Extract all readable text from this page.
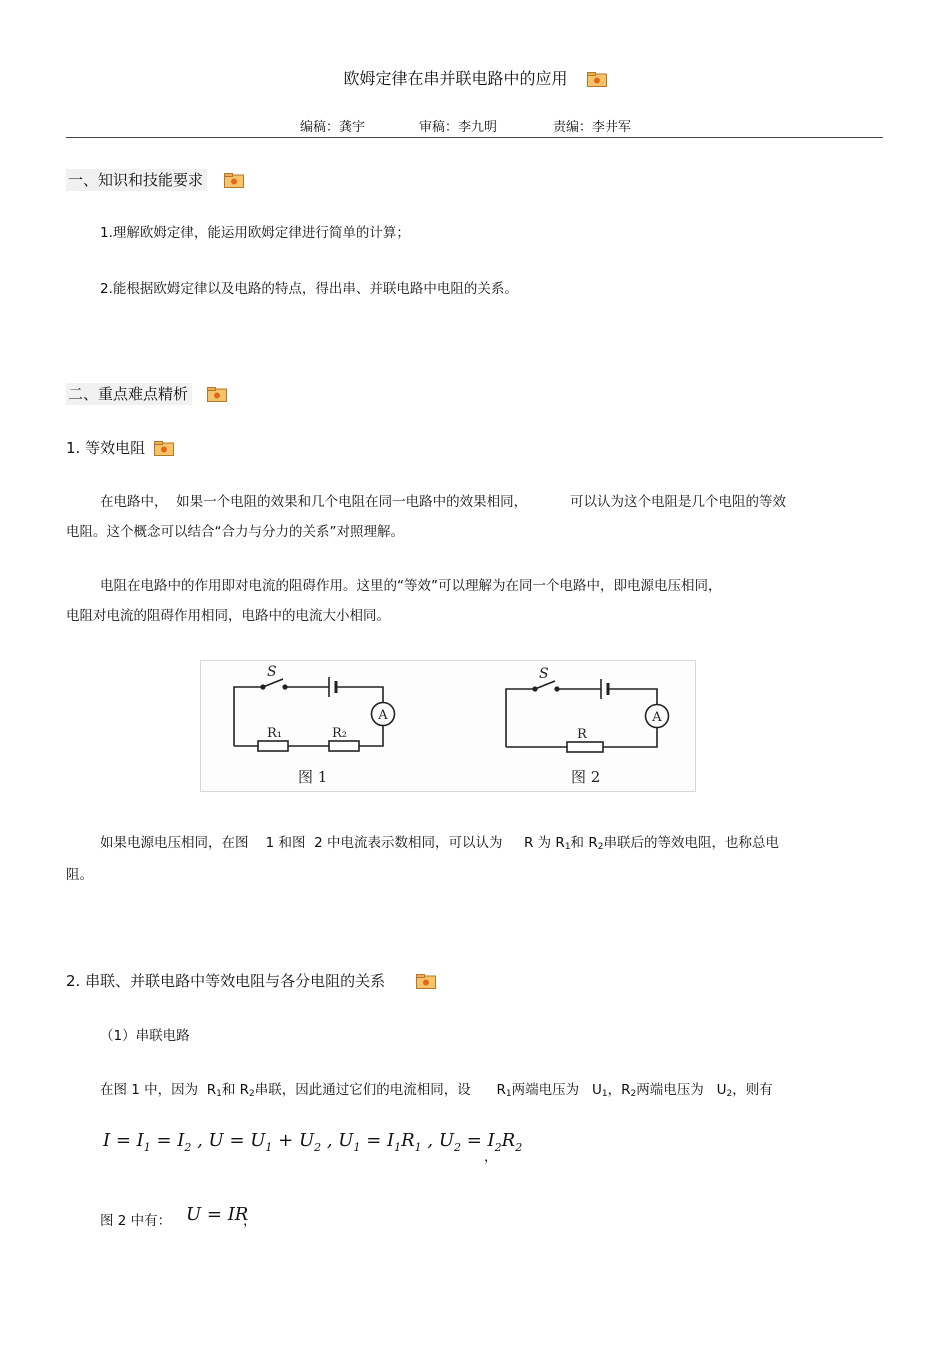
欧姆定律在串并联电路中的应用
编稿：龚宇	审稿：李九明	责编：李井军
一、知识和技能要求
1.理解欧姆定律，能运用欧姆定律进行简单的计算；
2.能根据欧姆定律以及电路的特点，得出串、并联电路中电阻的关系。
二、重点难点精析
1. 等效电阻
在电路中，  如果一个电阻的效果和几个电阻在同一电路中的效果相同，          可以认为这个电阻是几个电阻的等效
电阻。这个概念可以结合“合力与分力的关系”对照理解。
电阻在电路中的作用即对电流的阻碍作用。这里的“等效”可以理解为在同一个电路中，即电源电压相同，
电阻对电流的阻碍作用相同，电路中的电流大小相同。
S
A
R₁	R₂
图 1
S
A
R
图 2
如果电源电压相同，在图    1 和图  2 中电流表示数相同，可以认为     R 为 R1和 R2串联后的等效电阻，也称总电
阻。
2. 串联、并联电路中等效电阻与各分电阻的关系
（1）串联电路
在图 1 中，因为  R1和 R2串联，因此通过它们的电流相同，设      R1两端电压为   U1，R2两端电压为   U2，则有
$I = I_1 = I_2$ , $U = U_1 + U_2$ , $U_1 = I_1R_1$ , $U_2 = I_2R_2$
，
图 2 中有： U = IR
，
